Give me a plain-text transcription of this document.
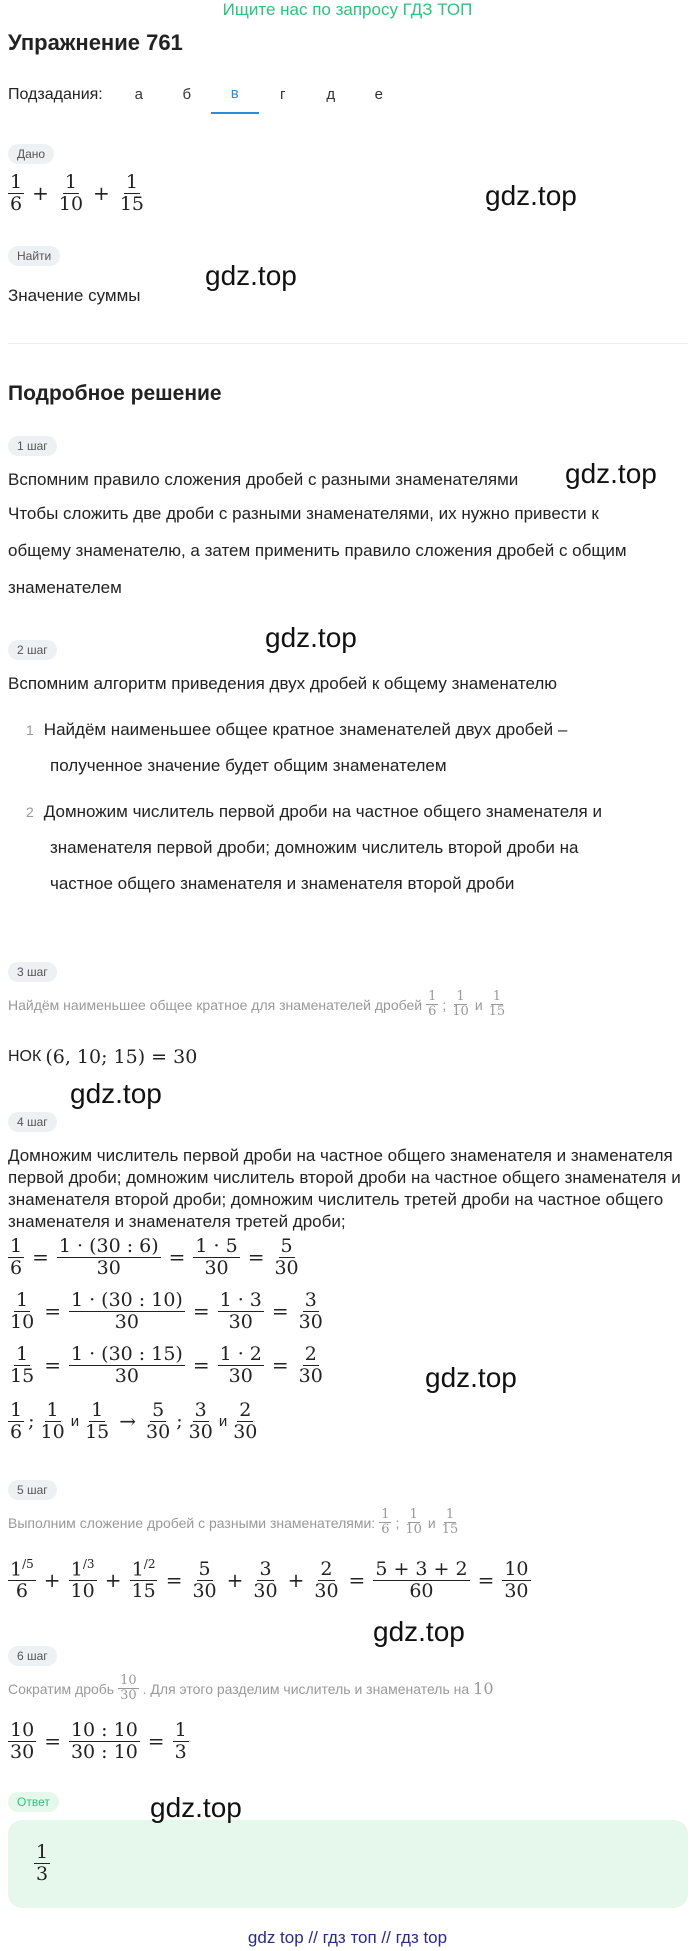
Ищите нас по запросу ГДЗ ТОП
Упражнение 761
Подзадания:	а	б	в	г	д	е
Дано
$\frac{1}{6} + \frac{1}{10} + \frac{1}{15}$
Найти
Значение суммы
Подробное решение
1 шаг
Вспомним правило сложения дробей с разными знаменателями
Чтобы сложить две дроби с разными знаменателями, их нужно привести к
общему знаменателю, а затем применить правило сложения дробей с общим
знаменателем
2 шаг
Вспомним алгоритм приведения двух дробей к общему знаменателю
1 Найдём наименьшее общее кратное знаменателей двух дробей –
полученное значение будет общим знаменателем
2 Домножим числитель первой дроби на частное общего знаменателя и
знаменателя первой дроби; домножим числитель второй дроби на
частное общего знаменателя и знаменателя второй дроби
3 шаг
Найдём наименьшее общее кратное для знаменателей дробей $\frac{1}{6}$ ; $\frac{1}{10}$ и $\frac{1}{15}$
НОК (6, 10; 15) = 30
4 шаг
Домножим числитель первой дроби на частное общего знаменателя и знаменателя
первой дроби; домножим числитель второй дроби на частное общего знаменателя и
знаменателя второй дроби; домножим числитель третей дроби на частное общего
знаменателя и знаменателя третей дроби;
$\frac{1}{6} = \frac{1 \cdot (30 : 6)}{30} = \frac{1 \cdot 5}{30} = \frac{5}{30}$
$\frac{1}{10} = \frac{1 \cdot (30 : 10)}{30} = \frac{1 \cdot 3}{30} = \frac{3}{30}$
$\frac{1}{15} = \frac{1 \cdot (30 : 15)}{30} = \frac{1 \cdot 2}{30} = \frac{2}{30}$
$\frac{1}{6}$ ; $\frac{1}{10}$ и $\frac{1}{15} \to \frac{5}{30}$ ; $\frac{3}{30}$ и $\frac{2}{30}$
5 шаг
Выполним сложение дробей с разными знаменателями: $\frac{1}{6}$ ; $\frac{1}{10}$ и $\frac{1}{15}$
$\frac{1^{/5}}{6} + \frac{1^{/3}}{10} + \frac{1^{/2}}{15} = \frac{5}{30} + \frac{3}{30} + \frac{2}{30} = \frac{5 + 3 + 2}{60} = \frac{10}{30}$
6 шаг
Сократим дробь $\frac{10}{30}$ . Для этого разделим числитель и знаменатель на 10
$\frac{10}{30} = \frac{10 : 10}{30 : 10} = \frac{1}{3}$
Ответ
$\frac{1}{3}$
gdz.top
gdz.top
gdz.top
gdz.top
gdz.top
gdz.top
gdz.top
gdz.top
gdz top // гдз топ // гдз top
